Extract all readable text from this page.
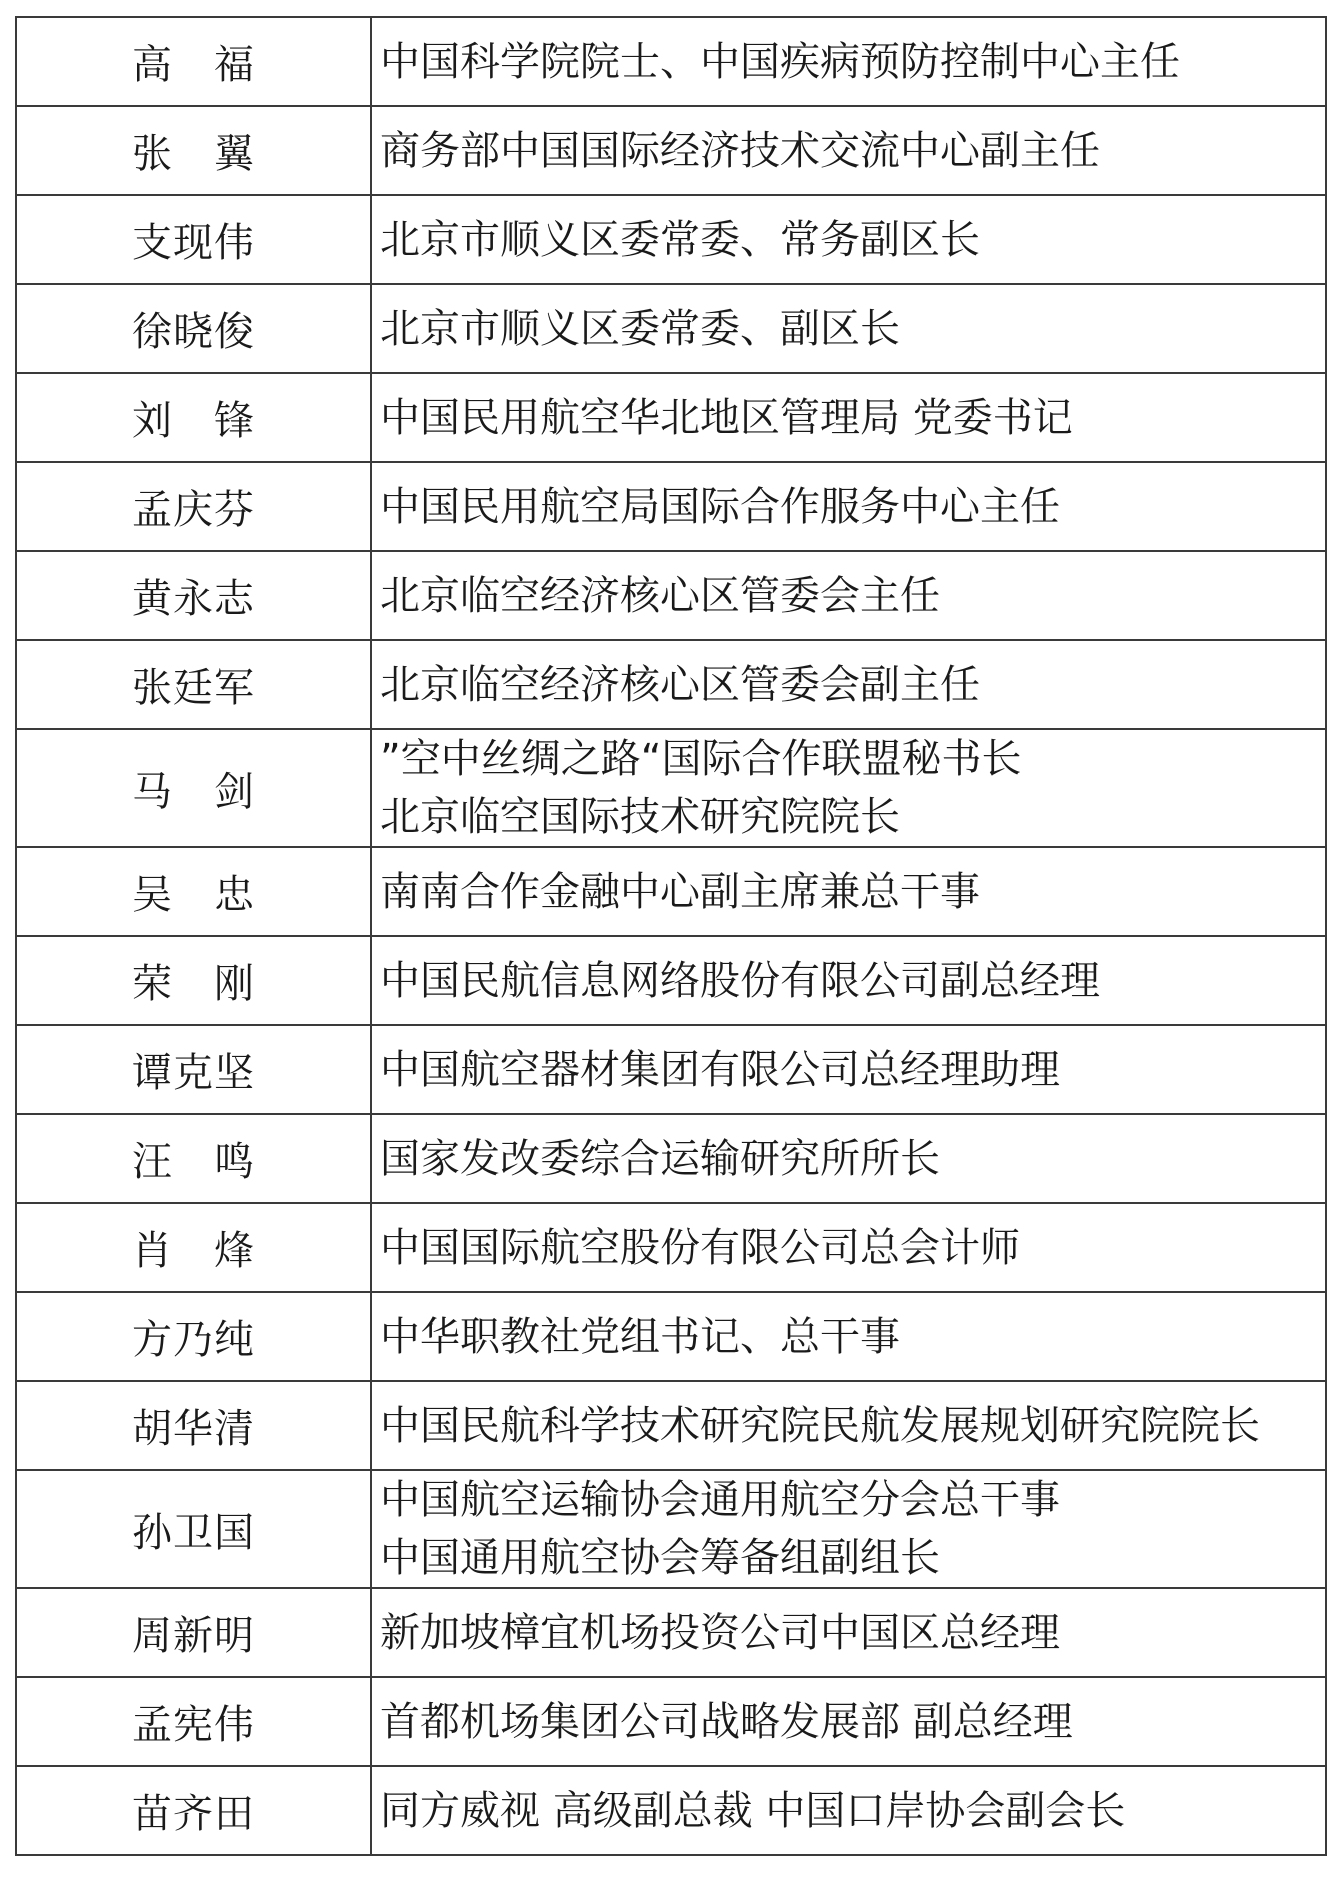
高　福	中国科学院院士、中国疾病预防控制中心主任

张　翼	商务部中国国际经济技术交流中心副主任

支现伟	北京市顺义区委常委、常务副区长

徐晓俊	北京市顺义区委常委、副区长

刘　锋	中国民用航空华北地区管理局 党委书记

孟庆芬	中国民用航空局国际合作服务中心主任

黄永志	北京临空经济核心区管委会主任

张廷军	北京临空经济核心区管委会副主任

马　剑	”空中丝绸之路“国际合作联盟秘书长
北京临空国际技术研究院院长

吴　忠	南南合作金融中心副主席兼总干事

荣　刚	中国民航信息网络股份有限公司副总经理

谭克坚	中国航空器材集团有限公司总经理助理

汪　鸣	国家发改委综合运输研究所所长

肖　烽	中国国际航空股份有限公司总会计师

方乃纯	中华职教社党组书记、总干事

胡华清	中国民航科学技术研究院民航发展规划研究院院长

孙卫国	中国航空运输协会通用航空分会总干事
中国通用航空协会筹备组副组长

周新明	新加坡樟宜机场投资公司中国区总经理

孟宪伟	首都机场集团公司战略发展部 副总经理

苗齐田	同方威视 高级副总裁 中国口岸协会副会长
